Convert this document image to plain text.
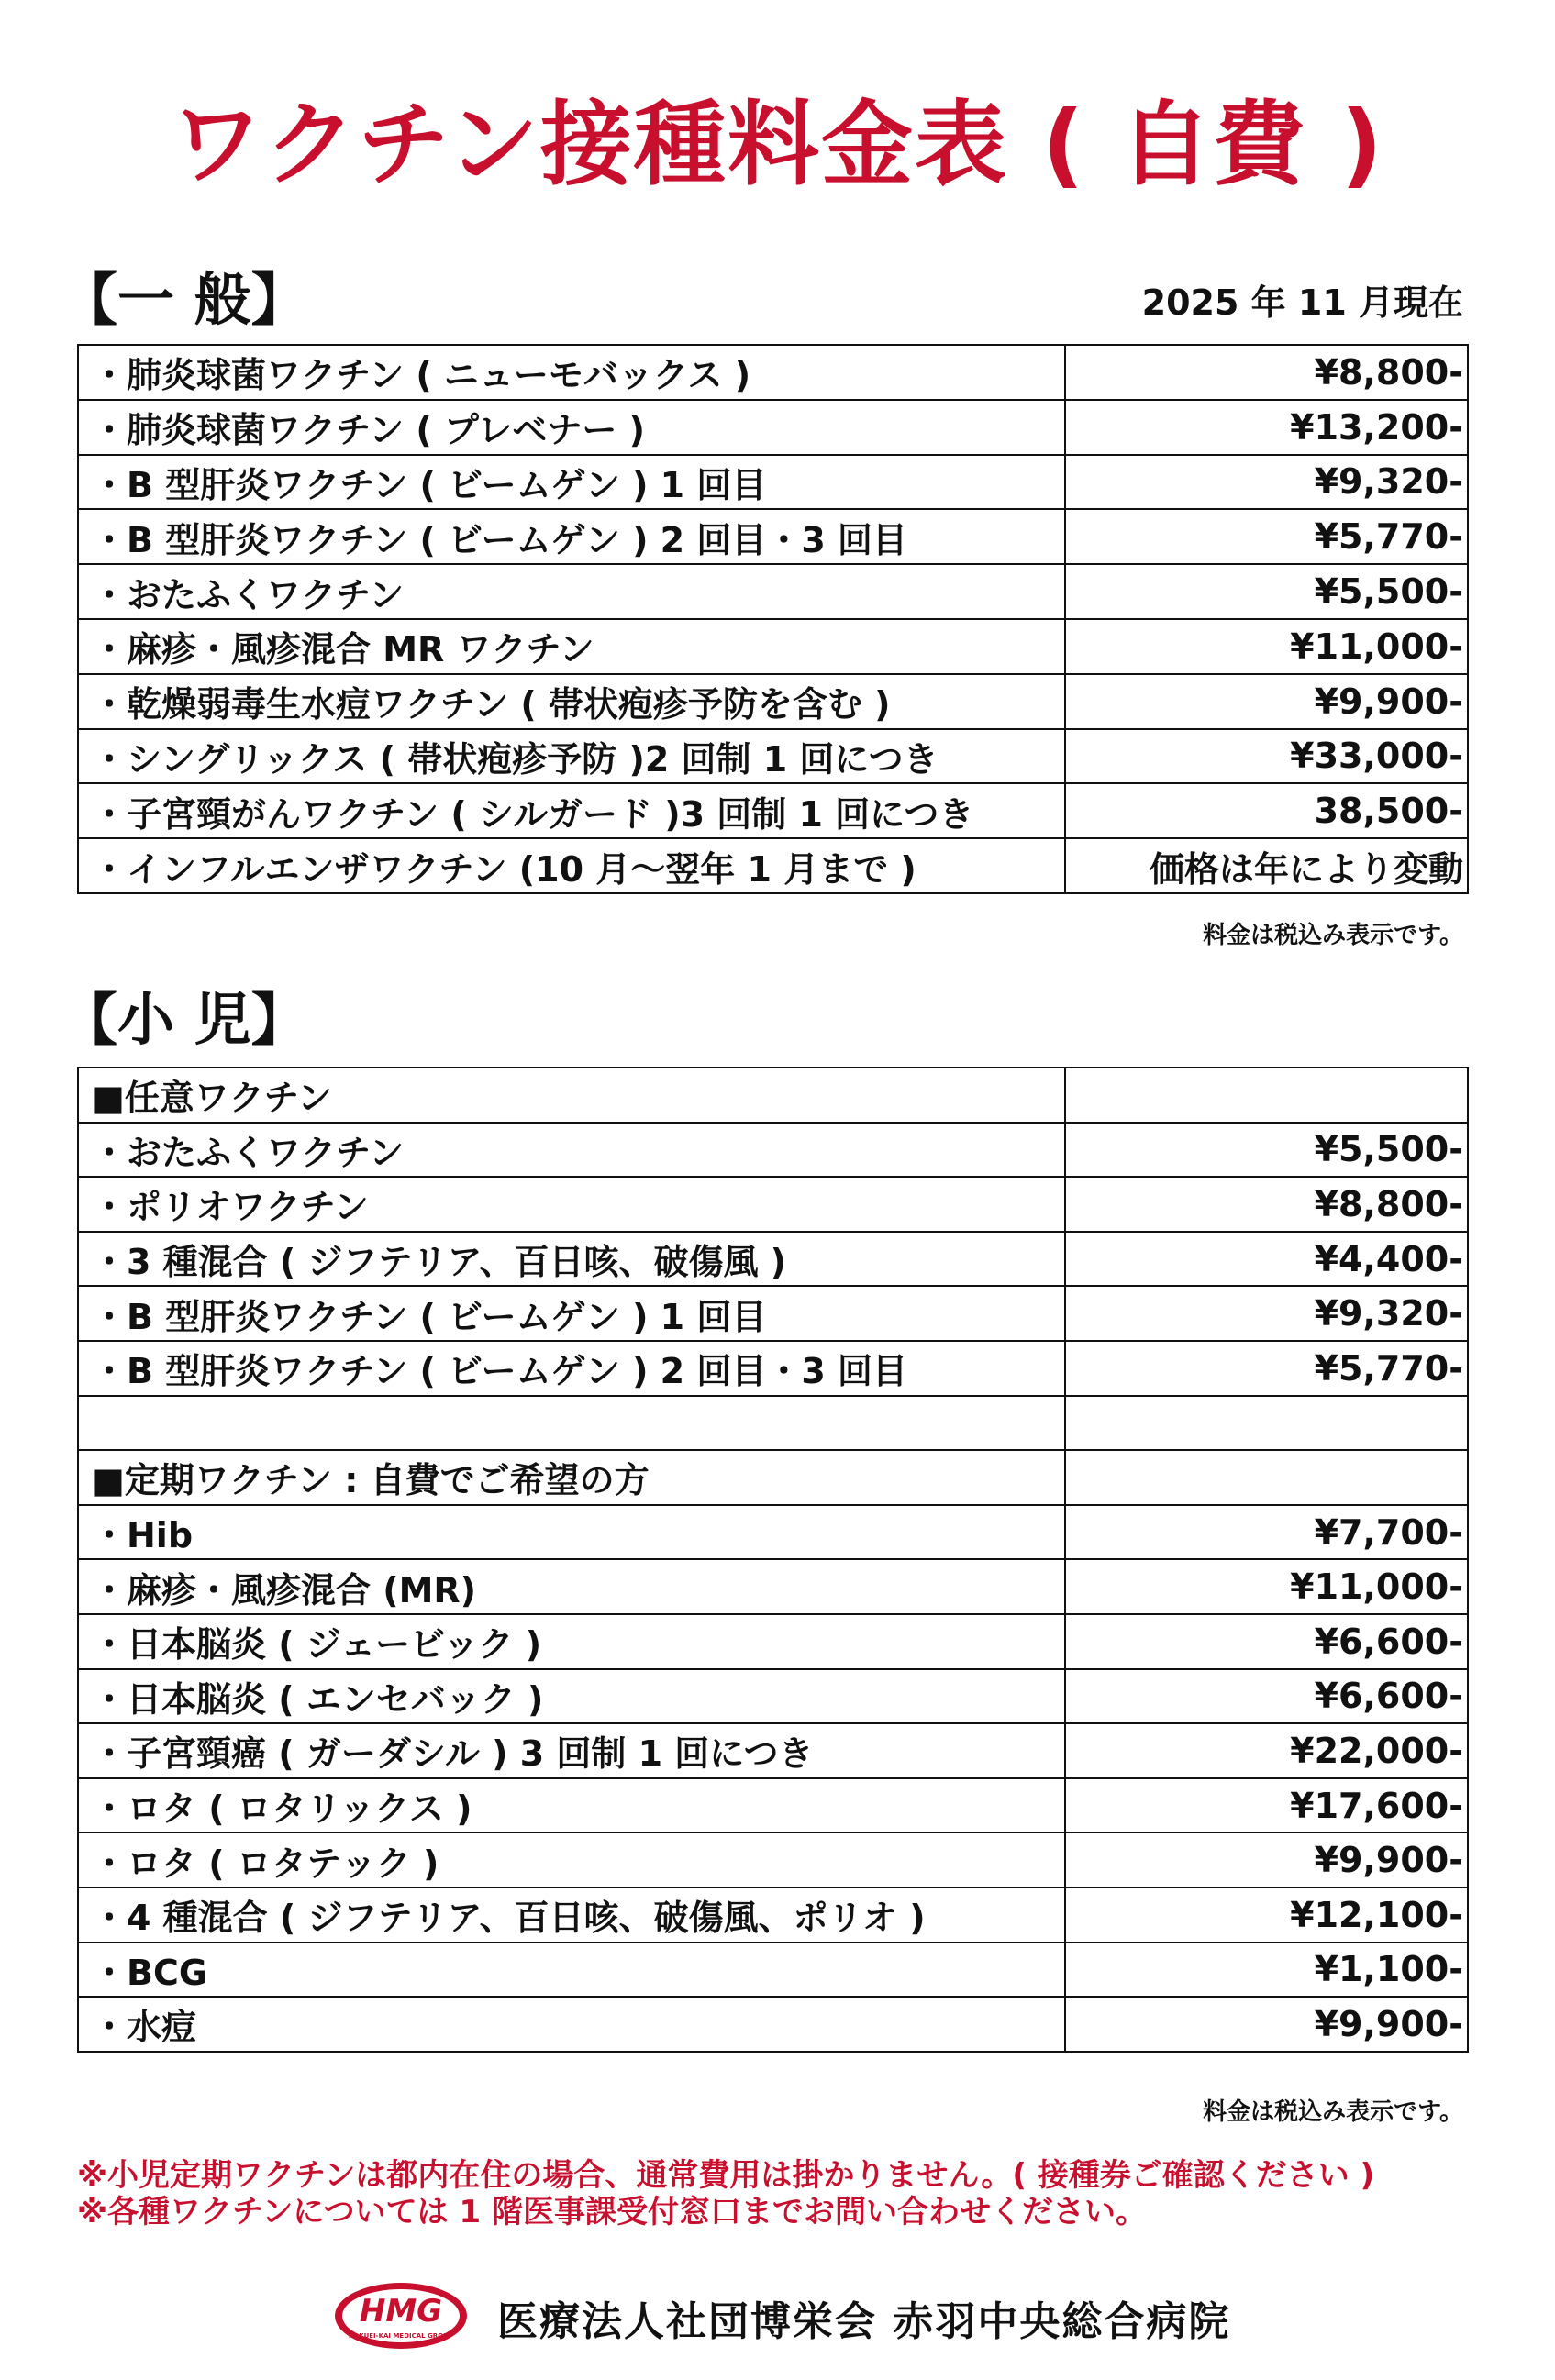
ワクチン接種料金表 ( 自費 )
【一 般】	2025 年 11 月現在
・肺炎球菌ワクチン ( ニューモバックス )	¥8,800-
・肺炎球菌ワクチン ( プレベナー )	¥13,200-
・B 型肝炎ワクチン ( ビームゲン ) 1 回目	¥9,320-
・B 型肝炎ワクチン ( ビームゲン ) 2 回目・3 回目	¥5,770-
・おたふくワクチン	¥5,500-
・麻疹・風疹混合 MR ワクチン	¥11,000-
・乾燥弱毒生水痘ワクチン ( 帯状疱疹予防を含む )	¥9,900-
・シングリックス ( 帯状疱疹予防 )2 回制 1 回につき	¥33,000-
・子宮頸がんワクチン ( シルガード )3 回制 1 回につき	38,500-
・インフルエンザワクチン (10 月〜翌年 1 月まで )	価格は年により変動
料金は税込み表示です。
【小 児】
■任意ワクチン	
・おたふくワクチン	¥5,500-
・ポリオワクチン	¥8,800-
・3 種混合 ( ジフテリア、百日咳、破傷風 )	¥4,400-
・B 型肝炎ワクチン ( ビームゲン ) 1 回目	¥9,320-
・B 型肝炎ワクチン ( ビームゲン ) 2 回目・3 回目	¥5,770-

■定期ワクチン : 自費でご希望の方	
・Hib	¥7,700-
・麻疹・風疹混合 (MR)	¥11,000-
・日本脳炎 ( ジェービック )	¥6,600-
・日本脳炎 ( エンセバック )	¥6,600-
・子宮頸癌 ( ガーダシル ) 3 回制 1 回につき	¥22,000-
・ロタ ( ロタリックス )	¥17,600-
・ロタ ( ロタテック )	¥9,900-
・4 種混合 ( ジフテリア、百日咳、破傷風、ポリオ )	¥12,100-
・BCG	¥1,100-
・水痘	¥9,900-
料金は税込み表示です。
※小児定期ワクチンは都内在住の場合、通常費用は掛かりません。( 接種券ご確認ください )
※各種ワクチンについては 1 階医事課受付窓口までお問い合わせください。
HMG
HAKUEI-KAI MEDICAL GROUP 医療法人社団博栄会 赤羽中央総合病院
